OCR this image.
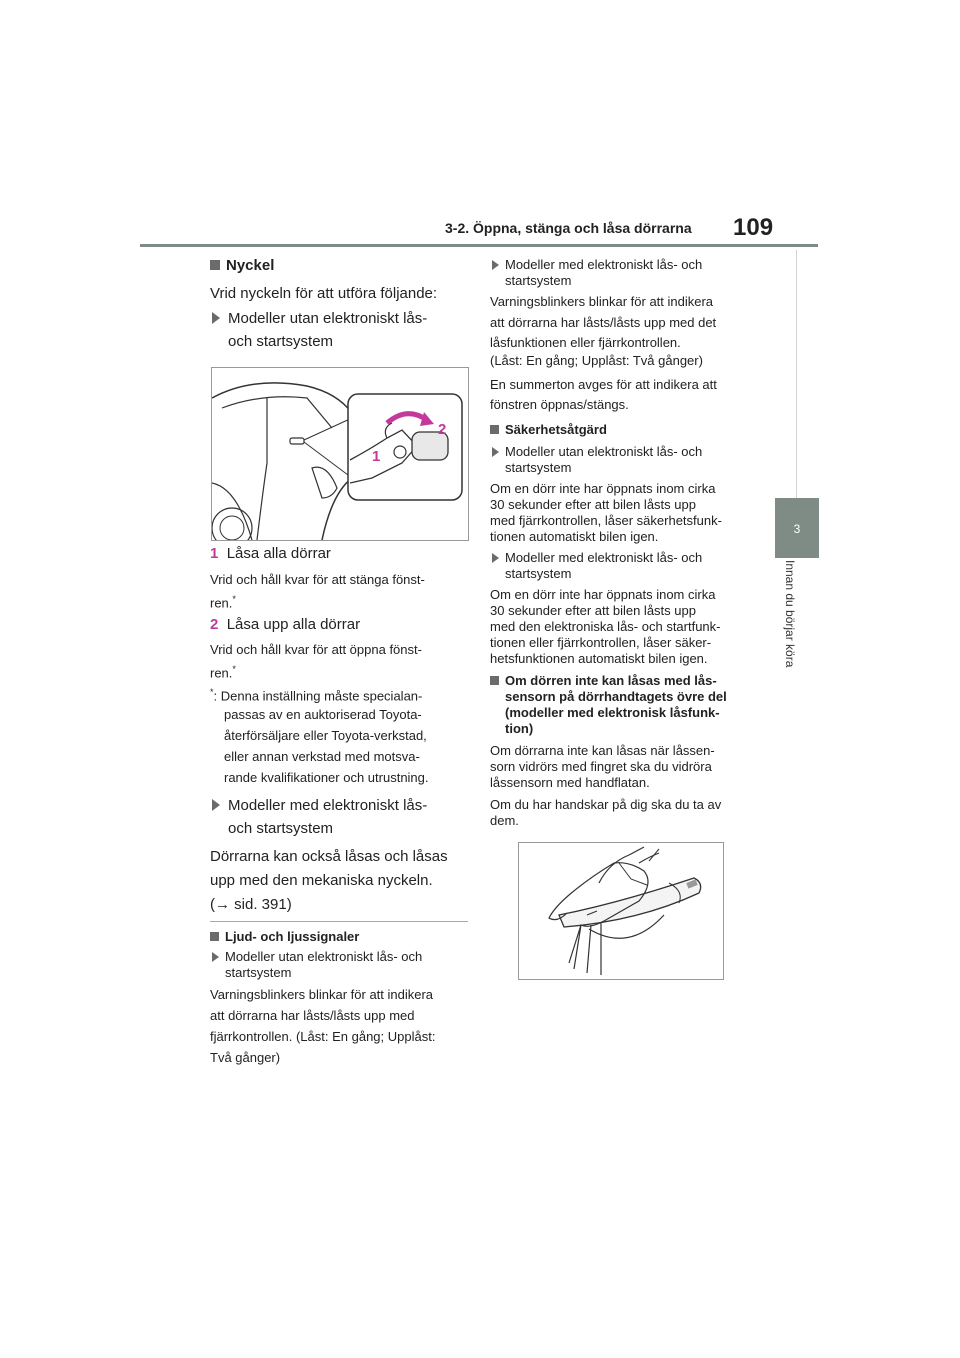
3-2. Öppna, stänga och låsa dörrarna 109
3
Innan du börjar köra
Nyckel
Vrid nyckeln för att utföra följande:
Modeller utan elektroniskt lås-
och startsystem
2
1
1 Låsa alla dörrar
Vrid och håll kvar för att stänga fönst-
ren.*
2 Låsa upp alla dörrar
Vrid och håll kvar för att öppna fönst-
ren.*
*: Denna inställning måste specialan-
passas av en auktoriserad Toyota-
återförsäljare eller Toyota-verkstad,
eller annan verkstad med motsva-
rande kvalifikationer och utrustning.
Modeller med elektroniskt lås-
och startsystem
Dörrarna kan också låsas och låsas
upp med den mekaniska nyckeln.
(→ sid. 391)
Ljud- och ljussignaler
Modeller utan elektroniskt lås- och
startsystem
Varningsblinkers blinkar för att indikera
att dörrarna har låsts/låsts upp med
fjärrkontrollen. (Låst: En gång; Upplåst:
Två gånger)
Modeller med elektroniskt lås- och
startsystem
Varningsblinkers blinkar för att indikera
att dörrarna har låsts/låsts upp med det
låsfunktionen eller fjärrkontrollen.
(Låst: En gång; Upplåst: Två gånger)
En summerton avges för att indikera att
fönstren öppnas/stängs.
Säkerhetsåtgärd
Modeller utan elektroniskt lås- och
startsystem
Om en dörr inte har öppnats inom cirka
30 sekunder efter att bilen låsts upp
med fjärrkontrollen, låser säkerhetsfunk-
tionen automatiskt bilen igen.
Modeller med elektroniskt lås- och
startsystem
Om en dörr inte har öppnats inom cirka
30 sekunder efter att bilen låsts upp
med den elektroniska lås- och startfunk-
tionen eller fjärrkontrollen, låser säker-
hetsfunktionen automatiskt bilen igen.
Om dörren inte kan låsas med lås-
sensorn på dörrhandtagets övre del
(modeller med elektronisk låsfunk-
tion)
Om dörrarna inte kan låsas när låssen-
sorn vidrörs med fingret ska du vidröra
låssensorn med handflatan.
Om du har handskar på dig ska du ta av
dem.
